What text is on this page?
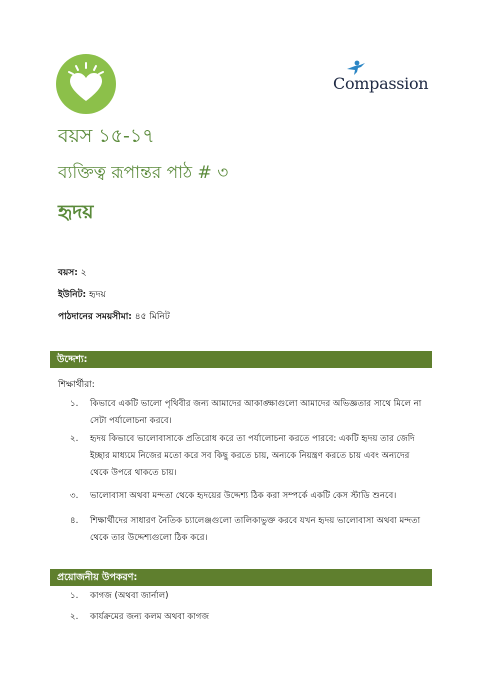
Compassion
বয়স ১৫-১৭
ব্যক্তিত্ব রূপান্তর পাঠ # ৩
হৃদয়
বয়স: ২
ইউনিট: হৃদয়
পাঠদানের সময়সীমা: ৪৫ মিনিট
উদ্দেশ্য:
শিক্ষার্থীরা:
১.	কিভাবে একটি ভালো পৃথিবীর জন্য আমাদের আকাঙ্ক্ষাগুলো আমাদের অভিজ্ঞতার সাথে মিলে না সেটা পর্যালোচনা করবে।
২.	হৃদয় কিভাবে ভালোবাসাকে প্রতিরোধ করে তা পর্যালোচনা করতে পারবে: একটি হৃদয় তার জেদি ইচ্ছার মাধ্যমে নিজের মতো করে সব কিছু করতে চায়, অন্যকে নিয়ন্ত্রণ করতে চায় এবং অন্যদের থেকে উপরে থাকতে চায়।
৩.	ভালোবাসা অথবা মন্দতা থেকে হৃদয়ের উদ্দেশ্য ঠিক করা সম্পর্কে একটি কেস স্টাডি শুনবে।
৪.	শিক্ষার্থীদের সাধারণ নৈতিক চ্যালেঞ্জগুলো তালিকাভুক্ত করবে যখন হৃদয় ভালোবাসা অথবা মন্দতা থেকে তার উদ্দেশ্যগুলো ঠিক করে।
প্রয়োজনীয় উপকরণ:
১.	কাগজ (অথবা জার্নাল)
২.	কার্যক্রমের জন্য কলম অথবা কাগজ
